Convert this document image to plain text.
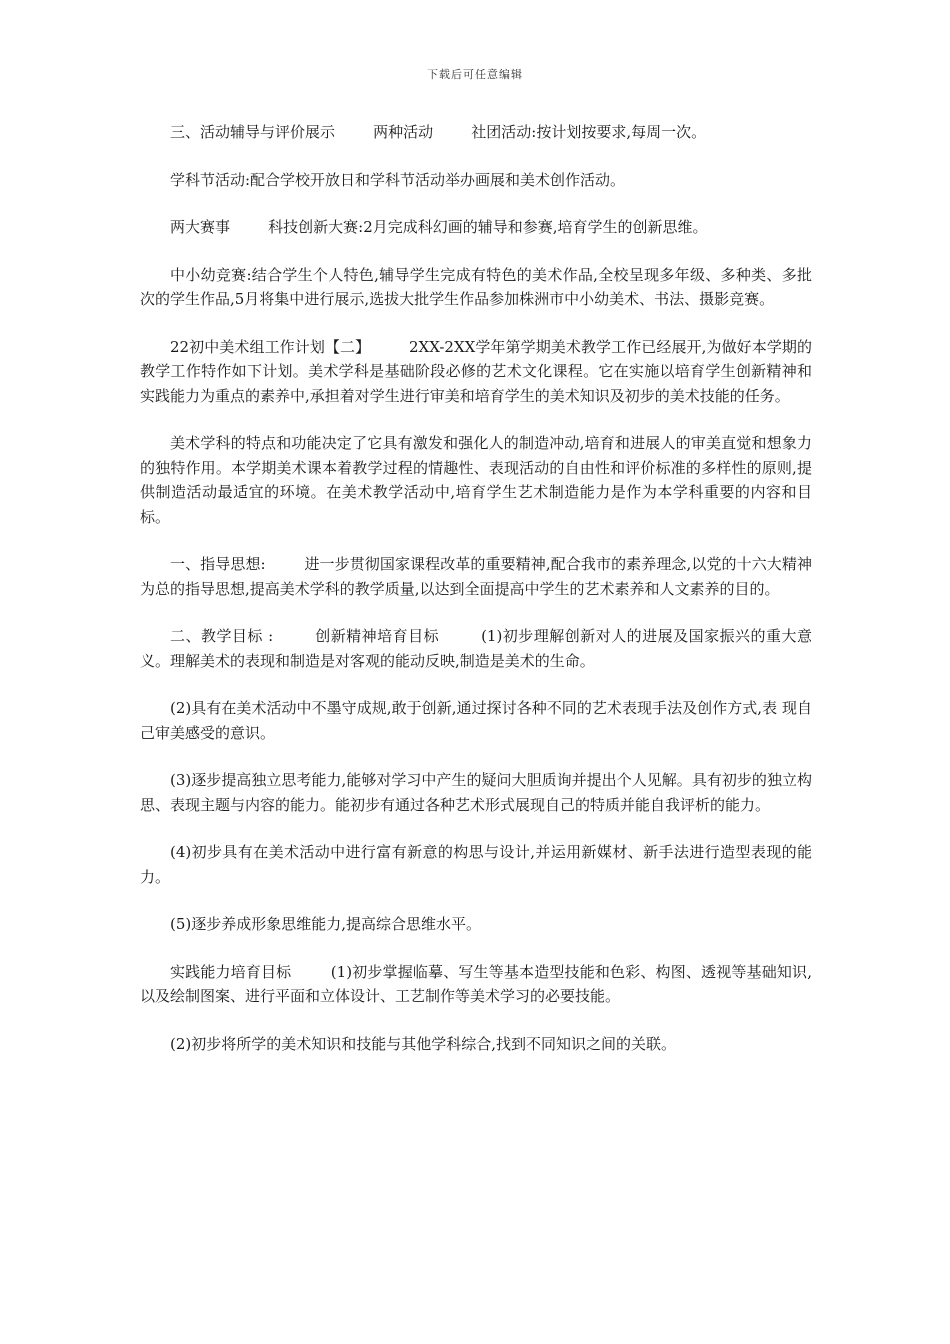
下载后可任意编辑

三、活动辅导与评价展示        两种活动        社团活动:按计划按要求,每周一次。

学科节活动:配合学校开放日和学科节活动举办画展和美术创作活动。

两大赛事        科技创新大赛:2月完成科幻画的辅导和参赛,培育学生的创新思维。

中小幼竞赛:结合学生个人特色,辅导学生完成有特色的美术作品,全校呈现多年级、多种类、多批次的学生作品,5月将集中进行展示,选拔大批学生作品参加株洲市中小幼美术、书法、摄影竞赛。

22初中美术组工作计划【二】        2XX-2XX学年第学期美术教学工作已经展开,为做好本学期的教学工作特作如下计划。美术学科是基础阶段必修的艺术文化课程。它在实施以培育学生创新精神和实践能力为重点的素养中,承担着对学生进行审美和培育学生的美术知识及初步的美术技能的任务。

美术学科的特点和功能决定了它具有激发和强化人的制造冲动,培育和进展人的审美直觉和想象力的独特作用。本学期美术课本着教学过程的情趣性、表现活动的自由性和评价标准的多样性的原则,提供制造活动最适宜的环境。在美术教学活动中,培育学生艺术制造能力是作为本学科重要的内容和目标。

一、指导思想:        进一步贯彻国家课程改革的重要精神,配合我市的素养理念,以党的十六大精神为总的指导思想,提高美术学科的教学质量,以达到全面提高中学生的艺术素养和人文素养的目的。

二、教学目标 :        创新精神培育目标        (1)初步理解创新对人的进展及国家振兴的重大意义。理解美术的表现和制造是对客观的能动反映,制造是美术的生命。

(2)具有在美术活动中不墨守成规,敢于创新,通过探讨各种不同的艺术表现手法及创作方式,表 现自己审美感受的意识。

(3)逐步提高独立思考能力,能够对学习中产生的疑问大胆质询并提出个人见解。具有初步的独立构思、表现主题与内容的能力。能初步有通过各种艺术形式展现自己的特质并能自我评析的能力。

(4)初步具有在美术活动中进行富有新意的构思与设计,并运用新媒材、新手法进行造型表现的能力。

(5)逐步养成形象思维能力,提高综合思维水平。

实践能力培育目标        (1)初步掌握临摹、写生等基本造型技能和色彩、构图、透视等基础知识,以及绘制图案、进行平面和立体设计、工艺制作等美术学习的必要技能。

(2)初步将所学的美术知识和技能与其他学科综合,找到不同知识之间的关联。
